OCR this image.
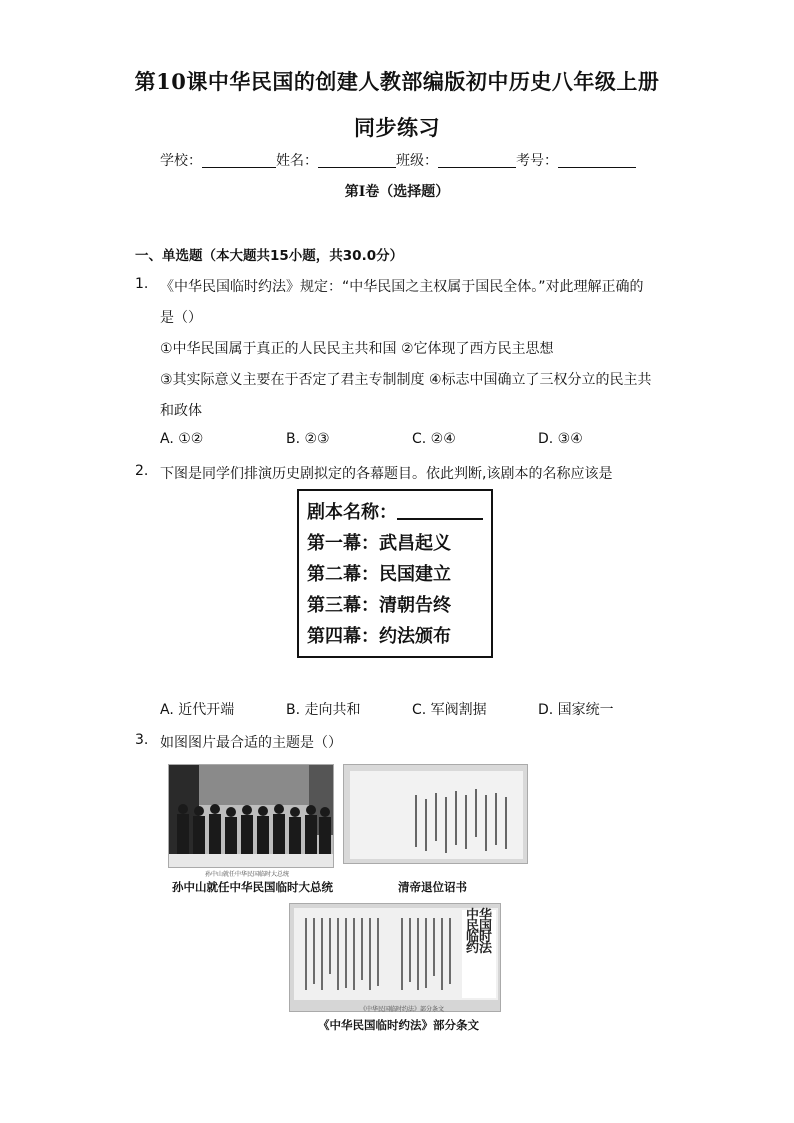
第10课中华民国的创建人教部编版初中历史八年级上册
同步练习
学校：	姓名：	班级：	考号：
第I卷（选择题）
一、单选题（本大题共15小题，共30.0分）
1. 《中华民国临时约法》规定：“中华民国之主权属于国民全体。”对此理解正确的
是（）
①中华民国属于真正的人民民主共和国 ②它体现了西方民主思想
③其实际意义主要在于否定了君主专制制度 ④标志中国确立了三权分立的民主共
和政体
A. ①②	B. ②③	C. ②④	D. ③④
2. 下图是同学们排演历史剧拟定的各幕题目。依此判断,该剧本的名称应该是
剧本名称：
第一幕：武昌起义
第二幕：民国建立
第三幕：清朝告终
第四幕：约法颁布
A. 近代开端	B. 走向共和	C. 军阀割据	D. 国家统一
3. 如图图片最合适的主题是（）
孙中山就任中华民国临时大总统
孙中山就任中华民国临时大总统	清帝退位诏书
中华民国临时约法
《中华民国临时约法》部分条文
《中华民国临时约法》部分条文
